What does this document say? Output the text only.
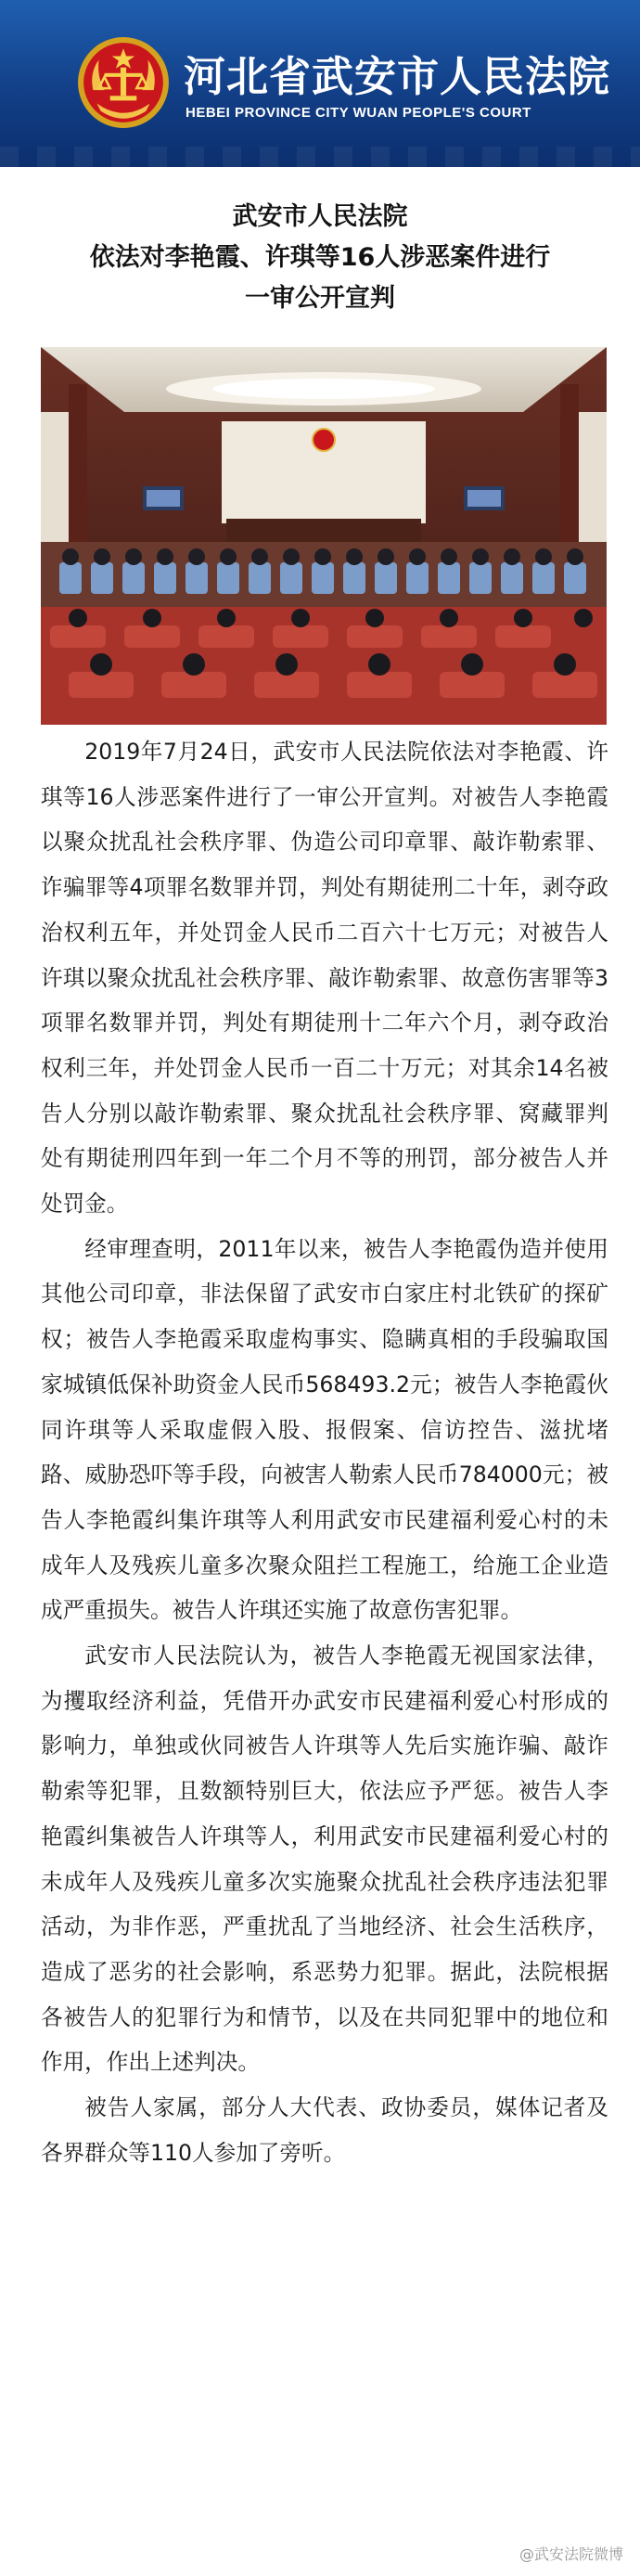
河北省武安市人民法院
HEBEI PROVINCE CITY WUAN PEOPLE'S COURT
武安市人民法院
依法对李艳霞、许琪等16人涉恶案件进行
一审公开宣判

2019年7月24日，武安市人民法院依法对李艳霞、许琪等16人涉恶案件进行了一审公开宣判。对被告人李艳霞以聚众扰乱社会秩序罪、伪造公司印章罪、敲诈勒索罪、诈骗罪等4项罪名数罪并罚，判处有期徒刑二十年，剥夺政治权利五年，并处罚金人民币二百六十七万元；对被告人许琪以聚众扰乱社会秩序罪、敲诈勒索罪、故意伤害罪等3项罪名数罪并罚，判处有期徒刑十二年六个月，剥夺政治权利三年，并处罚金人民币一百二十万元；对其余14名被告人分别以敲诈勒索罪、聚众扰乱社会秩序罪、窝藏罪判处有期徒刑四年到一年二个月不等的刑罚，部分被告人并处罚金。

经审理查明，2011年以来，被告人李艳霞伪造并使用其他公司印章，非法保留了武安市白家庄村北铁矿的探矿权；被告人李艳霞采取虚构事实、隐瞒真相的手段骗取国家城镇低保补助资金人民币568493.2元；被告人李艳霞伙同许琪等人采取虚假入股、报假案、信访控告、滋扰堵路、威胁恐吓等手段，向被害人勒索人民币784000元；被告人李艳霞纠集许琪等人利用武安市民建福利爱心村的未成年人及残疾儿童多次聚众阻拦工程施工，给施工企业造成严重损失。被告人许琪还实施了故意伤害犯罪。

武安市人民法院认为，被告人李艳霞无视国家法律，为攫取经济利益，凭借开办武安市民建福利爱心村形成的影响力，单独或伙同被告人许琪等人先后实施诈骗、敲诈勒索等犯罪，且数额特别巨大，依法应予严惩。被告人李艳霞纠集被告人许琪等人，利用武安市民建福利爱心村的未成年人及残疾儿童多次实施聚众扰乱社会秩序违法犯罪活动，为非作恶，严重扰乱了当地经济、社会生活秩序，造成了恶劣的社会影响，系恶势力犯罪。据此，法院根据各被告人的犯罪行为和情节，以及在共同犯罪中的地位和作用，作出上述判决。

被告人家属，部分人大代表、政协委员，媒体记者及各界群众等110人参加了旁听。

@武安法院微博
